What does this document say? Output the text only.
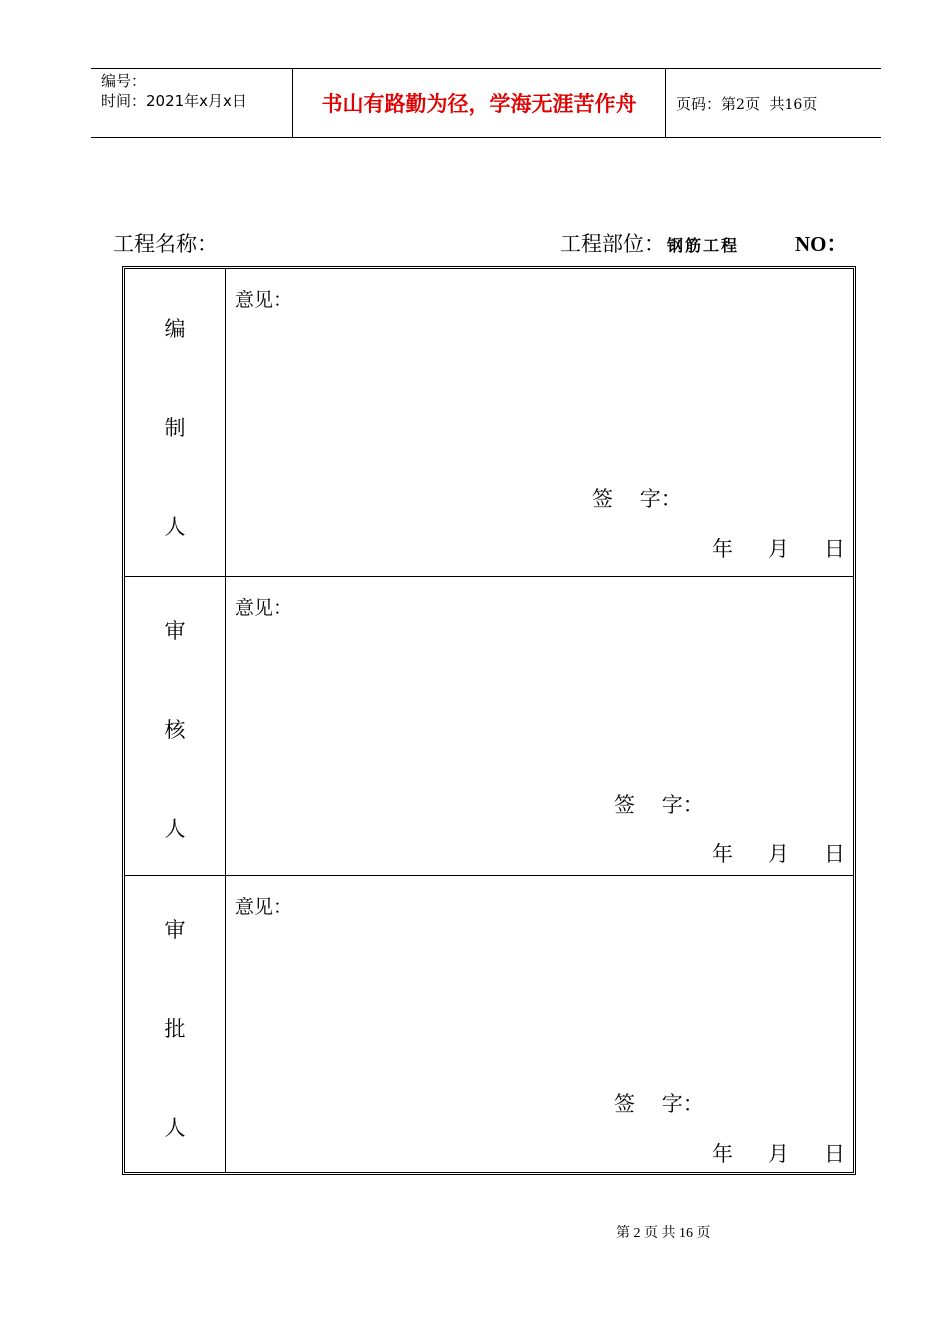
编号：
时间：2021年x月x日	书山有路勤为径，学海无涯苦作舟	页码：第2页  共16页
工程名称：	工程部位： 钢筋工程	NO：
编
制
人
意见：
签    字：
年 月 日
审
核
人
意见：
签    字：
年 月 日
审
批
人
意见：
签    字：
年 月 日
第 2 页 共 16 页
